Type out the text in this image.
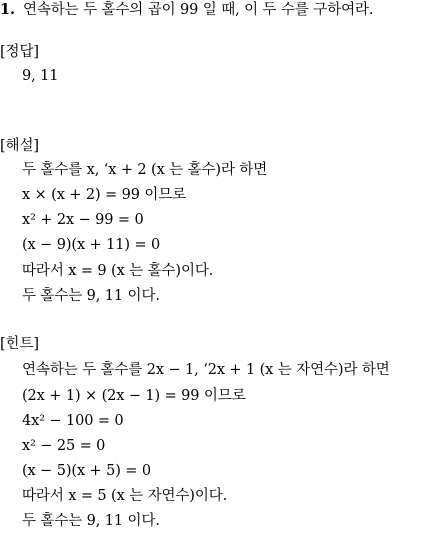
1. 연속하는 두 홀수의 곱이 99 일 때, 이 두 수를 구하여라.
[정답]
9, 11
[해설]
두 홀수를 x, ‘x + 2 (x 는 홀수)라 하면
x × (x + 2) = 99 이므로
x² + 2x − 99 = 0
(x − 9)(x + 11) = 0
따라서 x = 9 (x 는 홀수)이다.
두 홀수는 9, 11 이다.
[힌트]
연속하는 두 홀수를 2x − 1, ‘2x + 1 (x 는 자연수)라 하면
(2x + 1) × (2x − 1) = 99 이므로
4x² − 100 = 0
x² − 25 = 0
(x − 5)(x + 5) = 0
따라서 x = 5 (x 는 자연수)이다.
두 홀수는 9, 11 이다.
